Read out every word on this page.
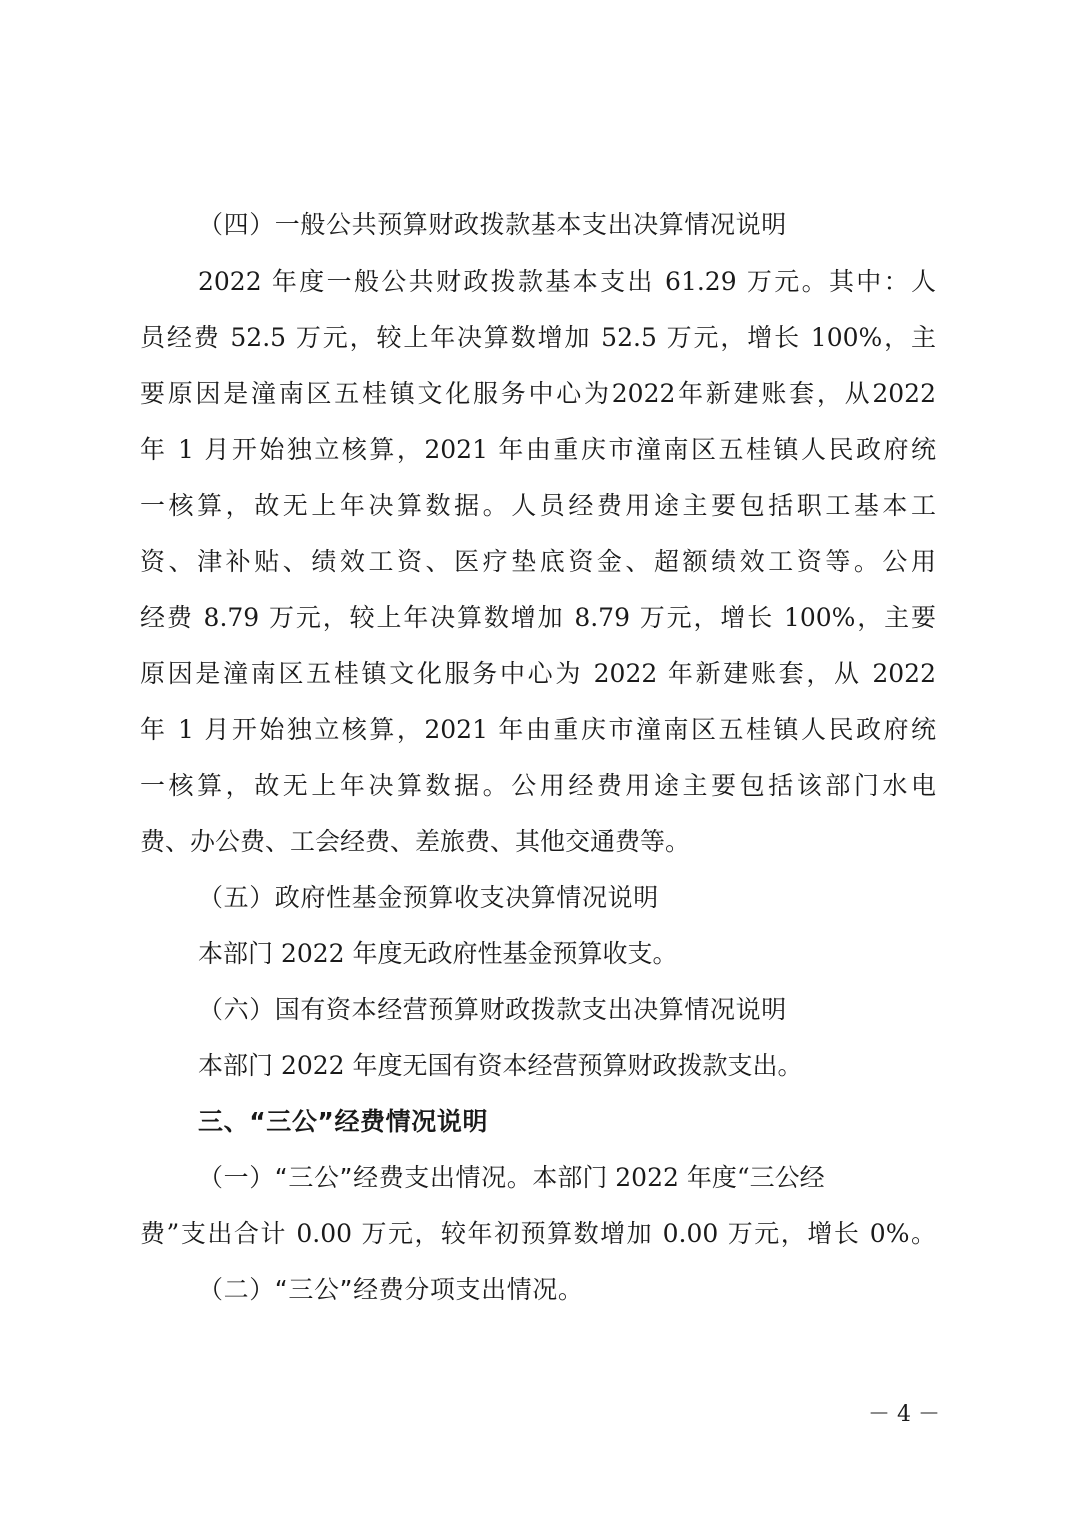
（四）一般公共预算财政拨款基本支出决算情况说明
2022 年度一般公共财政拨款基本支出 61.29 万元。其中：人
员经费 52.5 万元，较上年决算数增加 52.5 万元，增长 100%，主
要原因是潼南区五桂镇文化服务中心为2022年新建账套，从2022
年 1 月开始独立核算，2021 年由重庆市潼南区五桂镇人民政府统
一核算，故无上年决算数据。人员经费用途主要包括职工基本工
资、津补贴、绩效工资、医疗垫底资金、超额绩效工资等。公用
经费 8.79 万元，较上年决算数增加 8.79 万元，增长 100%，主要
原因是潼南区五桂镇文化服务中心为 2022 年新建账套，从 2022
年 1 月开始独立核算，2021 年由重庆市潼南区五桂镇人民政府统
一核算，故无上年决算数据。公用经费用途主要包括该部门水电
费、办公费、工会经费、差旅费、其他交通费等。
（五）政府性基金预算收支决算情况说明
本部门 2022 年度无政府性基金预算收支。
（六）国有资本经营预算财政拨款支出决算情况说明
本部门 2022 年度无国有资本经营预算财政拨款支出。
三、“三公”经费情况说明
（一）“三公”经费支出情况。本部门 2022 年度“三公经
费”支出合计 0.00 万元，较年初预算数增加 0.00 万元，增长 0%。
（二）“三公”经费分项支出情况。
－ 4 －
